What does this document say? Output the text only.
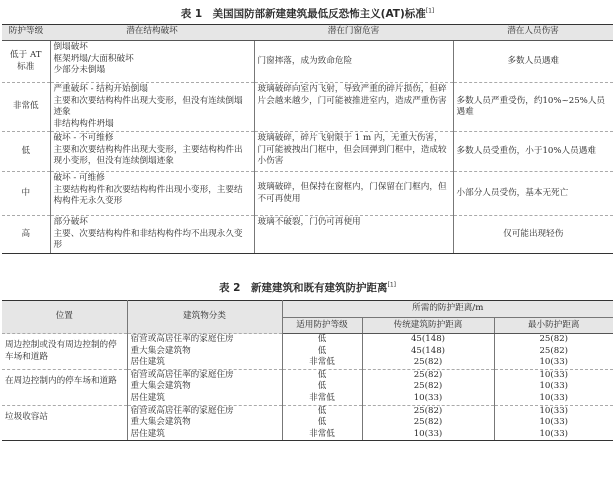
表 1　美国国防部新建建筑最低反恐怖主义(AT)标准[1]
防护等级	潜在结构破坏	潜在门窗危害	潜在人员伤害
低于 AT 标准	倒塌破坏
框架坍塌/大面积破坏
少部分未倒塌	门窗摔落，成为致命危险	多数人员遇难
非常低	严重破坏 - 结构开始倒塌
主要和次要结构构件出现大变形，但没有连续倒塌迹象
非结构构件坍塌	玻璃破碎向室内飞射，导致严重的碎片损伤，但碎片会越来越少，门可能被推进室内，造成严重伤害	多数人员严重受伤，约10%~25%人员遇难
低	破坏 - 不可维修
主要和次要结构构件出现大变形，主要结构构件出现小变形，但没有连续倒塌迹象	玻璃破碎，碎片飞射限于 1 m 内，无重大伤害，门可能被拽出门框中，但会回弹到门框中，造成较小伤害	多数人员受重伤，小于10%人员遇难
中	破坏 - 可维修
主要结构构件和次要结构构件出现小变形，主要结构构件无永久变形	玻璃破碎，但保持在窗框内，门保留在门框内，但不可再使用	小部分人员受伤，基本无死亡
高	部分破坏
主要、次要结构构件和非结构构件均不出现永久变形	玻璃不破裂，门仍可再使用	仅可能出现轻伤
表 2　新建建筑和既有建筑防护距离[1]
位置	建筑物分类	所需的防护距离/m		
		适用防护等级	传统建筑防护距离	最小防护距离
周边控制或没有周边控制的停车场和道路	宿营或高居住率的家庭住房	低	45(148)	25(82)
	重大集会建筑物	低	45(148)	25(82)
	居住建筑	非常低	25(82)	10(33)
在周边控制内的停车场和道路	宿营或高居住率的家庭住房	低	25(82)	10(33)
	重大集会建筑物	低	25(82)	10(33)
	居住建筑	非常低	10(33)	10(33)
垃圾收容站	宿营或高居住率的家庭住房	低	25(82)	10(33)
	重大集会建筑物	低	25(82)	10(33)
	居住建筑	非常低	10(33)	10(33)
